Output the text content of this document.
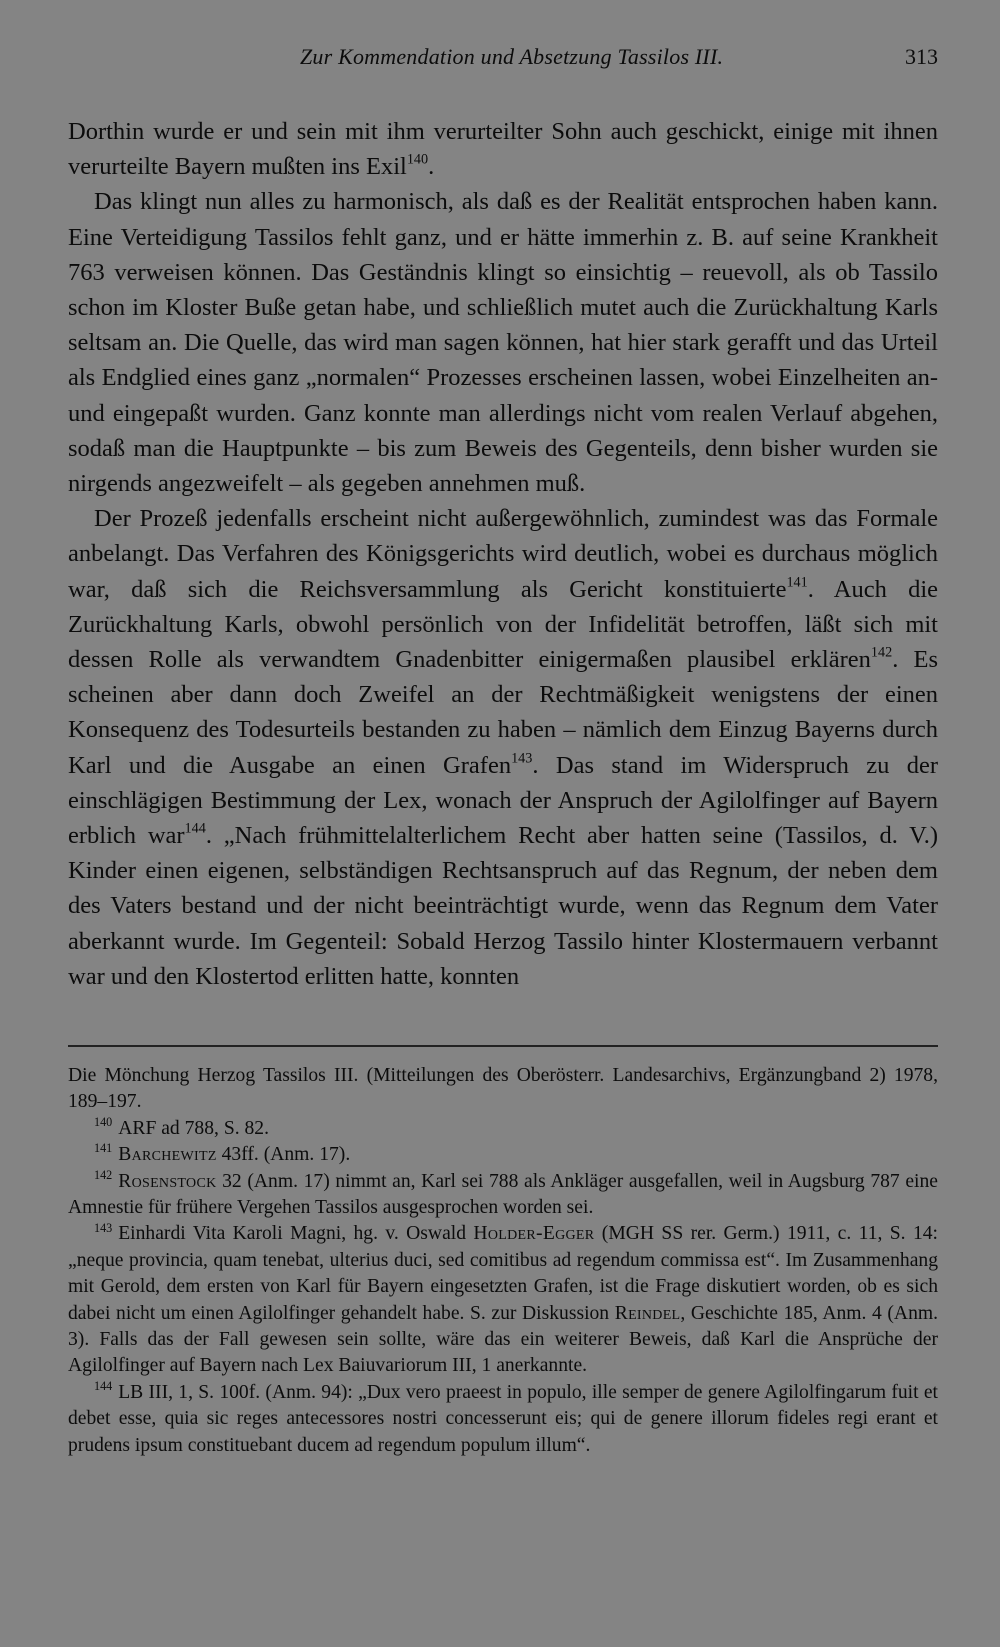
Zur Kommendation und Absetzung Tassilos III.	313

Dorthin wurde er und sein mit ihm verurteilter Sohn auch geschickt, einige mit ihnen verurteilte Bayern mußten ins Exil$^{140}$.

Das klingt nun alles zu harmonisch, als daß es der Realität entsprochen haben kann. Eine Verteidigung Tassilos fehlt ganz, und er hätte immerhin z. B. auf seine Krankheit 763 verweisen können. Das Geständnis klingt so einsichtig – reuevoll, als ob Tassilo schon im Kloster Buße getan habe, und schließlich mutet auch die Zurückhaltung Karls seltsam an. Die Quelle, das wird man sagen können, hat hier stark gerafft und das Urteil als Endglied eines ganz „normalen“ Prozesses erscheinen lassen, wobei Einzelheiten an- und eingepaßt wurden. Ganz konnte man allerdings nicht vom realen Verlauf abgehen, sodaß man die Hauptpunkte – bis zum Beweis des Gegenteils, denn bisher wurden sie nirgends angezweifelt – als gegeben annehmen muß.

Der Prozeß jedenfalls erscheint nicht außergewöhnlich, zumindest was das Formale anbelangt. Das Verfahren des Königsgerichts wird deutlich, wobei es durchaus möglich war, daß sich die Reichsversammlung als Gericht konstituierte$^{141}$. Auch die Zurückhaltung Karls, obwohl persönlich von der Infidelität betroffen, läßt sich mit dessen Rolle als verwandtem Gnadenbitter einigermaßen plausibel erklären$^{142}$. Es scheinen aber dann doch Zweifel an der Rechtmäßigkeit wenigstens der einen Konsequenz des Todesurteils bestanden zu haben – nämlich dem Einzug Bayerns durch Karl und die Ausgabe an einen Grafen$^{143}$. Das stand im Widerspruch zu der einschlägigen Bestimmung der Lex, wonach der Anspruch der Agilolfinger auf Bayern erblich war$^{144}$. „Nach frühmittelalterlichem Recht aber hatten seine (Tassilos, d. V.) Kinder einen eigenen, selbständigen Rechtsanspruch auf das Regnum, der neben dem des Vaters bestand und der nicht beeinträchtigt wurde, wenn das Regnum dem Vater aberkannt wurde. Im Gegenteil: Sobald Herzog Tassilo hinter Klostermauern verbannt war und den Klostertod erlitten hatte, konnten

Die Mönchung Herzog Tassilos III. (Mitteilungen des Oberösterr. Landesarchivs, Ergänzungband 2) 1978, 189–197.

$^{140}$ ARF ad 788, S. 82.

$^{141}$ Barchewitz 43ff. (Anm. 17).

$^{142}$ Rosenstock 32 (Anm. 17) nimmt an, Karl sei 788 als Ankläger ausgefallen, weil in Augsburg 787 eine Amnestie für frühere Vergehen Tassilos ausgesprochen worden sei.

$^{143}$ Einhardi Vita Karoli Magni, hg. v. Oswald Holder-Egger (MGH SS rer. Germ.) 1911, c. 11, S. 14: „neque provincia, quam tenebat, ulterius duci, sed comitibus ad regendum commissa est“. Im Zusammenhang mit Gerold, dem ersten von Karl für Bayern eingesetzten Grafen, ist die Frage diskutiert worden, ob es sich dabei nicht um einen Agilolfinger gehandelt habe. S. zur Diskussion Reindel, Geschichte 185, Anm. 4 (Anm. 3). Falls das der Fall gewesen sein sollte, wäre das ein weiterer Beweis, daß Karl die Ansprüche der Agilolfinger auf Bayern nach Lex Baiuvariorum III, 1 anerkannte.

$^{144}$ LB III, 1, S. 100f. (Anm. 94): „Dux vero praeest in populo, ille semper de genere Agilolfingarum fuit et debet esse, quia sic reges antecessores nostri concesserunt eis; qui de genere illorum fideles regi erant et prudens ipsum constituebant ducem ad regendum populum illum“.
